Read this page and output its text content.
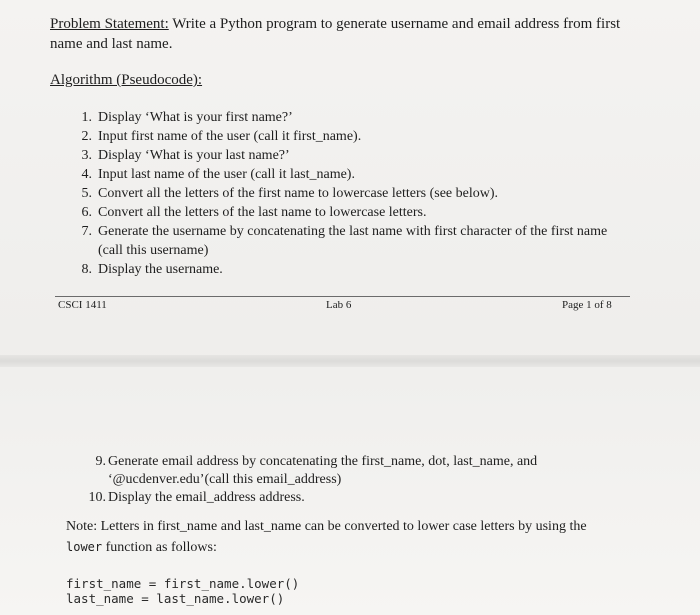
Problem Statement: Write a Python program to generate username and email address from first name and last name.
Algorithm (Pseudocode):
1. Display ‘What is your first name?’
2. Input first name of the user (call it first_name).
3. Display ‘What is your last name?’
4. Input last name of the user (call it last_name).
5. Convert all the letters of the first name to lowercase letters (see below).
6. Convert all the letters of the last name to lowercase letters.
7. Generate the username by concatenating the last name with first character of the first name (call this username)
8. Display the username.
CSCI 1411	Lab 6	Page 1 of 8
9. Generate email address by concatenating the first_name, dot, last_name, and ‘@ucdenver.edu’(call this email_address)
10. Display the email_address address.
Note: Letters in first_name and last_name can be converted to lower case letters by using the
lower function as follows:
first_name = first_name.lower()
last_name = last_name.lower()
